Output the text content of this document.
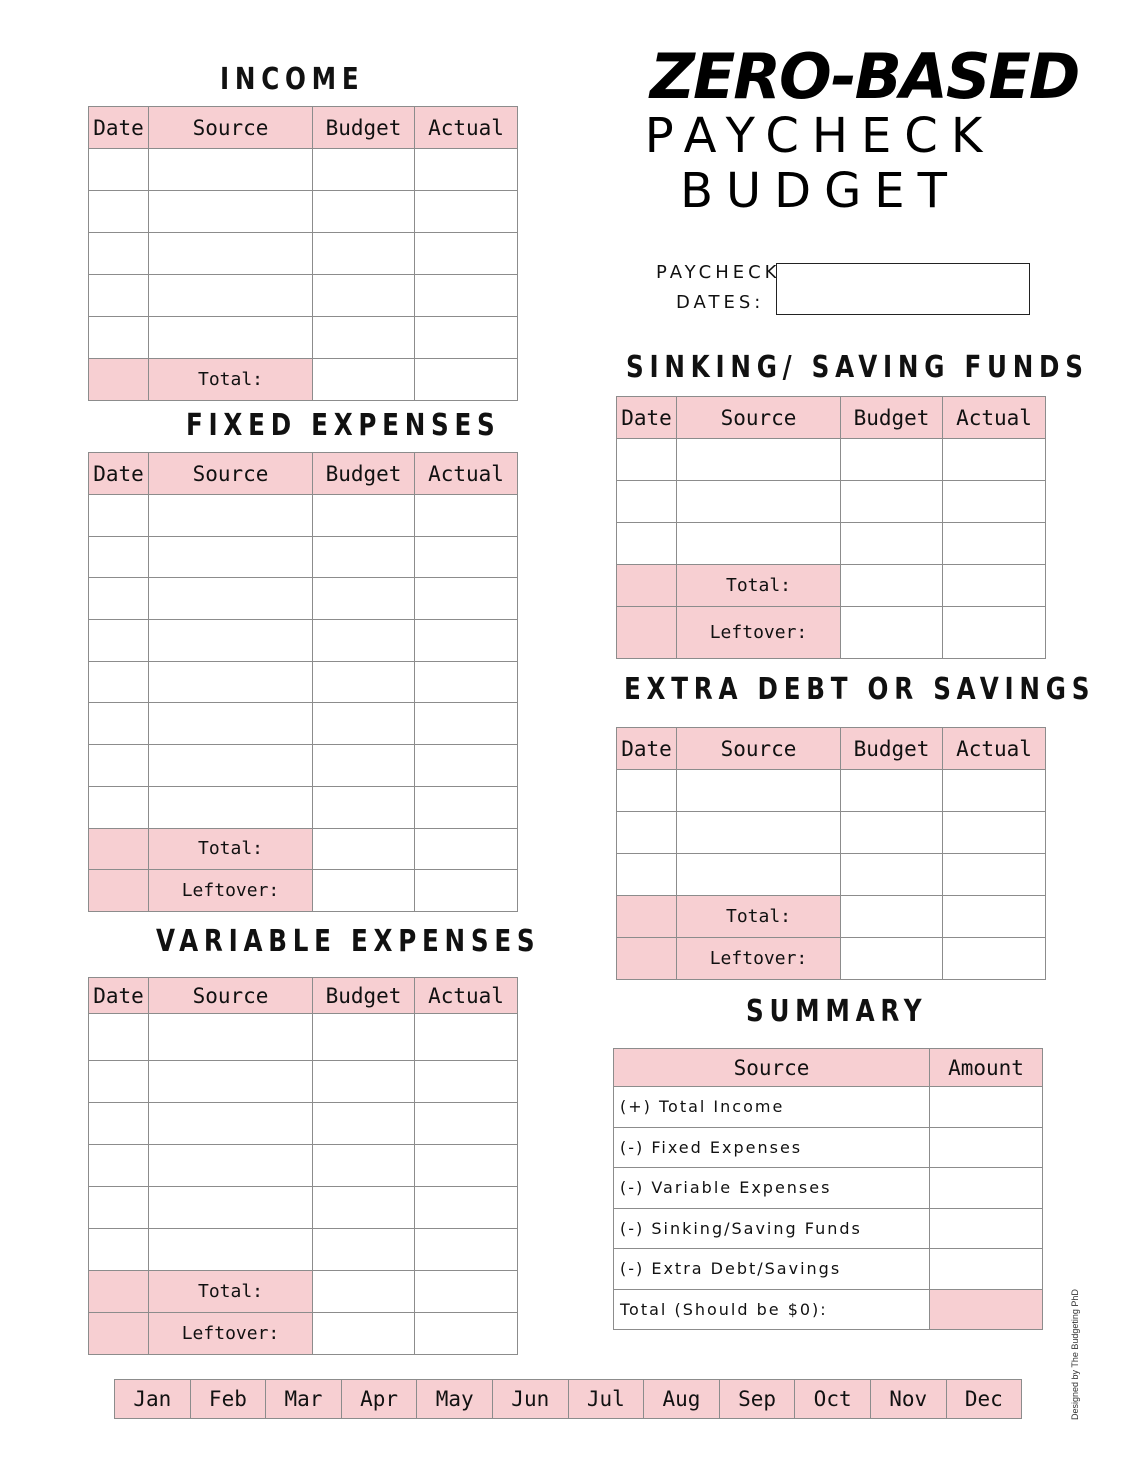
ZERO-BASED
PAYCHECK
BUDGET
PAYCHECK
DATES:
INCOME
Date	Source	Budget	Actual

	Total:		
FIXED EXPENSES
Date	Source	Budget	Actual

	Total:		
	Leftover:		
VARIABLE EXPENSES
Date	Source	Budget	Actual

	Total:		
	Leftover:		
SINKING/ SAVING FUNDS
Date	Source	Budget	Actual

	Total:		
	Leftover:		
EXTRA DEBT OR SAVINGS
Date	Source	Budget	Actual

	Total:		
	Leftover:		
SUMMARY
Source	Amount
(+) Total Income	
(-) Fixed Expenses	
(-) Variable Expenses	
(-) Sinking/Saving Funds	
(-) Extra Debt/Savings	
Total (Should be $0):	
Jan	Feb	Mar	Apr	May	Jun	Jul	Aug	Sep	Oct	Nov	Dec	Designed by The Budgeting PhD
